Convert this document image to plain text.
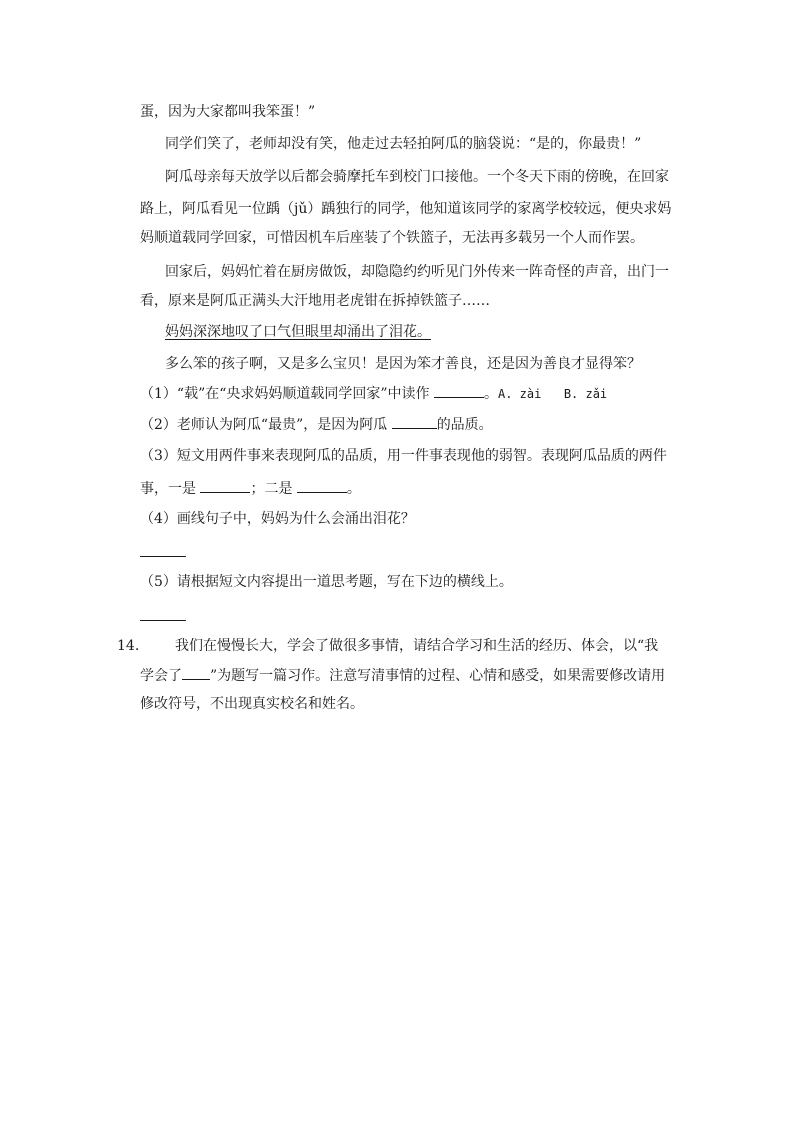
蛋，因为大家都叫我笨蛋！”
同学们笑了，老师却没有笑，他走过去轻拍阿瓜的脑袋说：“是的，你最贵！”
阿瓜母亲每天放学以后都会骑摩托车到校门口接他。一个冬天下雨的傍晚，在回家
路上，阿瓜看见一位踽（jǔ）踽独行的同学，他知道该同学的家离学校较远，便央求妈
妈顺道载同学回家，可惜因机车后座装了个铁篮子，无法再多载另一个人而作罢。
回家后，妈妈忙着在厨房做饭，却隐隐约约听见门外传来一阵奇怪的声音，出门一
看，原来是阿瓜正满头大汗地用老虎钳在拆掉铁篮子……
妈妈深深地叹了口气但眼里却涌出了泪花。
多么笨的孩子啊，又是多么宝贝！是因为笨才善良，还是因为善良才显得笨？
（1）“载”在“央求妈妈顺道载同学回家”中读作	。A. zài B. zǎi
（2）老师认为阿瓜“最贵”，是因为阿瓜	的品质。
（3）短文用两件事来表现阿瓜的品质，用一件事表现他的弱智。表现阿瓜品质的两件
事，一是	；二是	。
（4）画线句子中，妈妈为什么会涌出泪花？
（5）请根据短文内容提出一道思考题，写在下边的横线上。
14.	我们在慢慢长大，学会了做很多事情，请结合学习和生活的经历、体会，以“我
学会了 ”为题写一篇习作。注意写清事情的过程、心情和感受，如果需要修改请用
修改符号，不出现真实校名和姓名。
